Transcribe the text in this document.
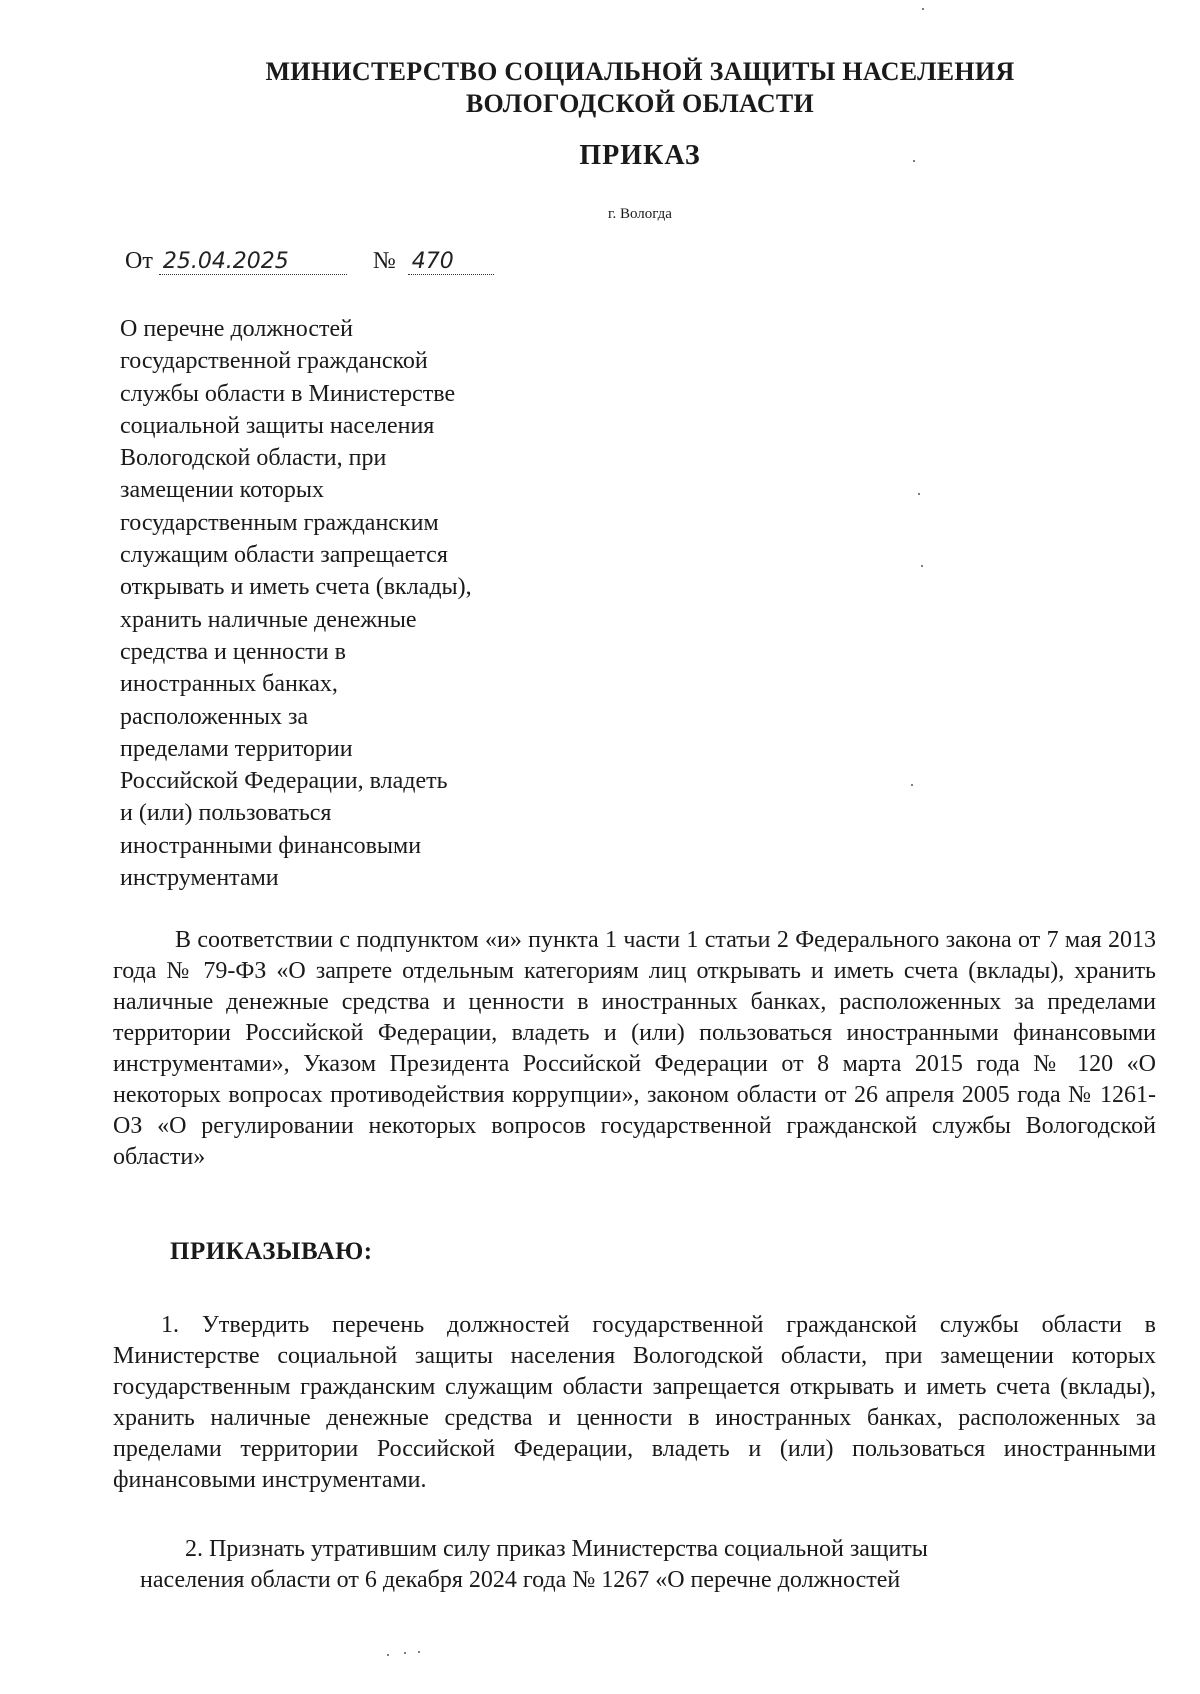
МИНИСТЕРСТВО СОЦИАЛЬНОЙ ЗАЩИТЫ НАСЕЛЕНИЯ
ВОЛОГОДСКОЙ ОБЛАСТИ
ПРИКАЗ
г. Вологда
От 25.04.2025	№ 470
О перечне должностей
государственной гражданской
службы области в Министерстве
социальной защиты населения
Вологодской области, при
замещении которых
государственным гражданским
служащим области запрещается
открывать и иметь счета (вклады),
хранить наличные денежные
средства и ценности в
иностранных банках,
расположенных за
пределами территории
Российской Федерации, владеть
и (или) пользоваться
иностранными финансовыми
инструментами
В соответствии с подпунктом «и» пункта 1 части 1 статьи 2 Федерального закона от 7 мая 2013 года № 79-ФЗ «О запрете отдельным категориям лиц открывать и иметь счета (вклады), хранить наличные денежные средства и ценности в иностранных банках, расположенных за пределами территории Российской Федерации, владеть и (или) пользоваться иностранными финансовыми инструментами», Указом Президента Российской Федерации от 8 марта 2015 года № 120 «О некоторых вопросах противодействия коррупции», законом области от 26 апреля 2005 года № 1261-ОЗ «О регулировании некоторых вопросов государственной гражданской службы Вологодской области»
ПРИКАЗЫВАЮ:
1. Утвердить перечень должностей государственной гражданской службы области в Министерстве социальной защиты населения Вологодской области, при замещении которых государственным гражданским служащим области запрещается открывать и иметь счета (вклады), хранить наличные денежные средства и ценности в иностранных банках, расположенных за пределами территории Российской Федерации, владеть и (или) пользоваться иностранными финансовыми инструментами.
2. Признать утратившим силу приказ Министерства социальной защиты
населения области от 6 декабря 2024 года № 1267 «О перечне должностей
